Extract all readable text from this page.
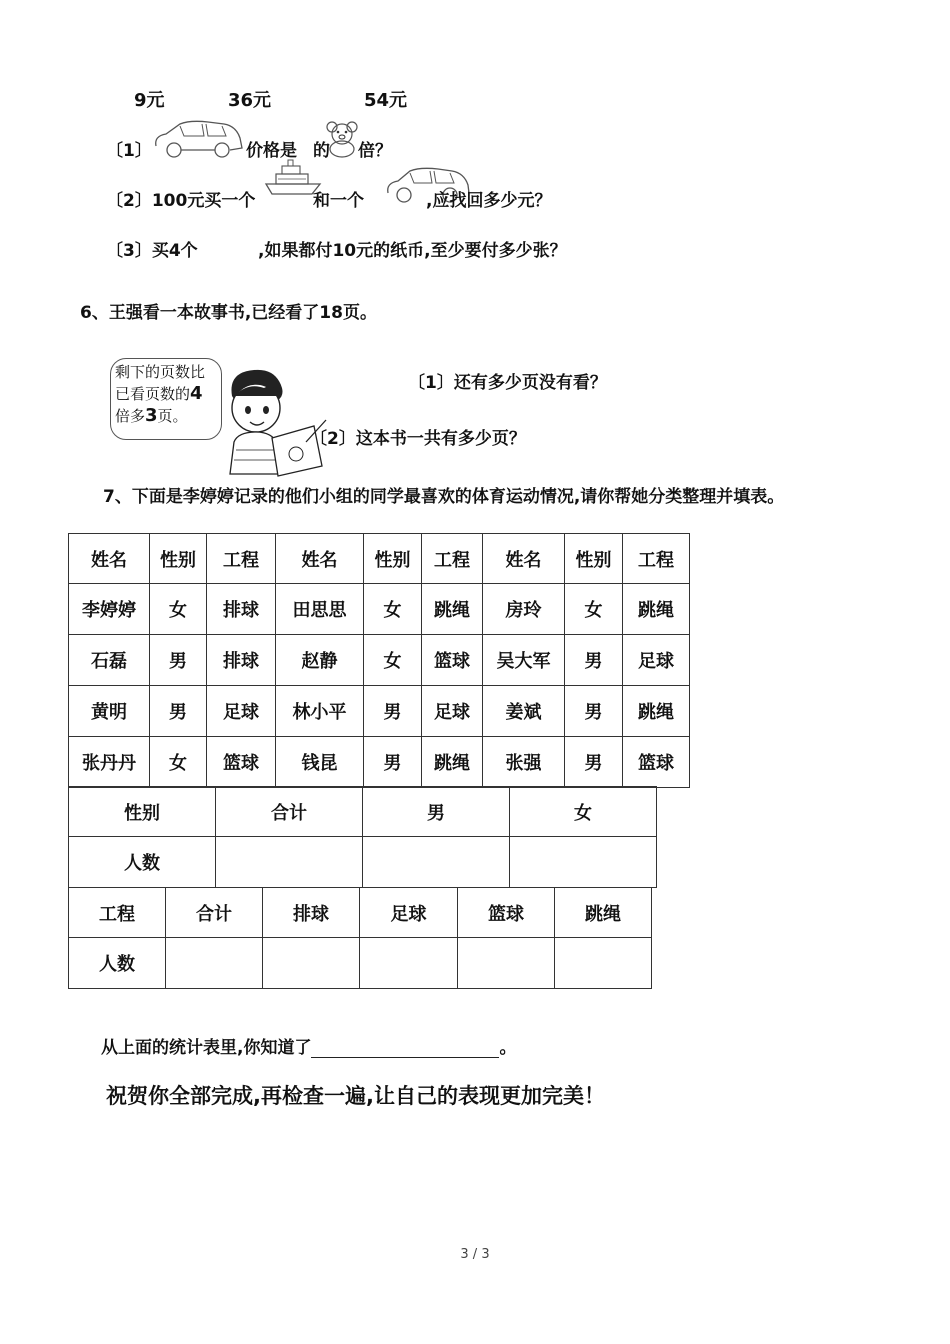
9元	36元	54元
〔1〕	价格是 的 倍？
〔2〕100元买一个	和一个	,应找回多少元？
〔3〕买4个	,如果都付10元的纸币,至少要付多少张？
6、王强看一本故事书,已经看了18页。
剩下的页数比
已看页数的4
倍多3页。
〔1〕还有多少页没有看？
〔2〕这本书一共有多少页？
7、下面是李婷婷记录的他们小组的同学最喜欢的体育运动情况,请你帮她分类整理并填表。
姓名	性别	工程	姓名	性别	工程	姓名	性别	工程
李婷婷	女	排球	田思思	女	跳绳	房玲	女	跳绳
石磊	男	排球	赵静	女	篮球	吴大军	男	足球
黄明	男	足球	林小平	男	足球	姜斌	男	跳绳
张丹丹	女	篮球	钱昆	男	跳绳	张强	男	篮球
性别	合计	男	女
人数			
工程	合计	排球	足球	篮球	跳绳
人数					
从上面的统计表里,你知道了	。
祝贺你全部完成,再检查一遍,让自己的表现更加完美！
3 / 3
